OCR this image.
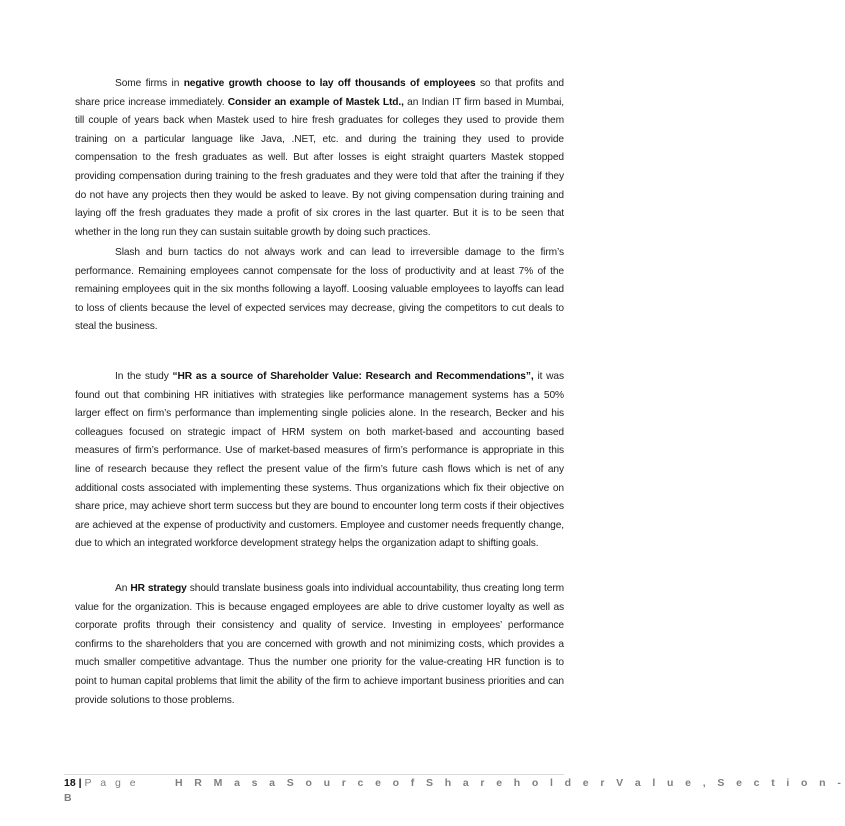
Some firms in negative growth choose to lay off thousands of employees so that profits and share price increase immediately. Consider an example of Mastek Ltd., an Indian IT firm based in Mumbai, till couple of years back when Mastek used to hire fresh graduates for colleges they used to provide them training on a particular language like Java, .NET, etc. and during the training they used to provide compensation to the fresh graduates as well. But after losses is eight straight quarters Mastek stopped providing compensation during training to the fresh graduates and they were told that after the training if they do not have any projects then they would be asked to leave. By not giving compensation during training and laying off the fresh graduates they made a profit of six crores in the last quarter. But it is to be seen that whether in the long run they can sustain suitable growth by doing such practices.

Slash and burn tactics do not always work and can lead to irreversible damage to the firm’s performance. Remaining employees cannot compensate for the loss of productivity and at least 7% of the remaining employees quit in the six months following a layoff. Loosing valuable employees to layoffs can lead to loss of clients because the level of expected services may decrease, giving the competitors to cut deals to steal the business.

In the study “HR as a source of Shareholder Value: Research and Recommendations”, it was found out that combining HR initiatives with strategies like performance management systems has a 50% larger effect on firm’s performance than implementing single policies alone. In the research, Becker and his colleagues focused on strategic impact of HRM system on both market-based and accounting based measures of firm’s performance. Use of market-based measures of firm’s performance is appropriate in this line of research because they reflect the present value of the firm’s future cash flows which is net of any additional costs associated with implementing these systems. Thus organizations which fix their objective on share price, may achieve short term success but they are bound to encounter long term costs if their objectives are achieved at the expense of productivity and customers. Employee and customer needs frequently change, due to which an integrated workforce development strategy helps the organization adapt to shifting goals.

An HR strategy should translate business goals into individual accountability, thus creating long term value for the organization. This is because engaged employees are able to drive customer loyalty as well as corporate profits through their consistency and quality of service. Investing in employees’ performance confirms to the shareholders that you are concerned with growth and not minimizing costs, which provides a much smaller competitive advantage. Thus the number one priority for the value-creating HR function is to point to human capital problems that limit the ability of the firm to achieve important business priorities and can provide solutions to those problems.

18 | P a g e	H R M a s a S o u r c e o f S h a r e h o l d e r V a l u e , S e c t i o n -
B
